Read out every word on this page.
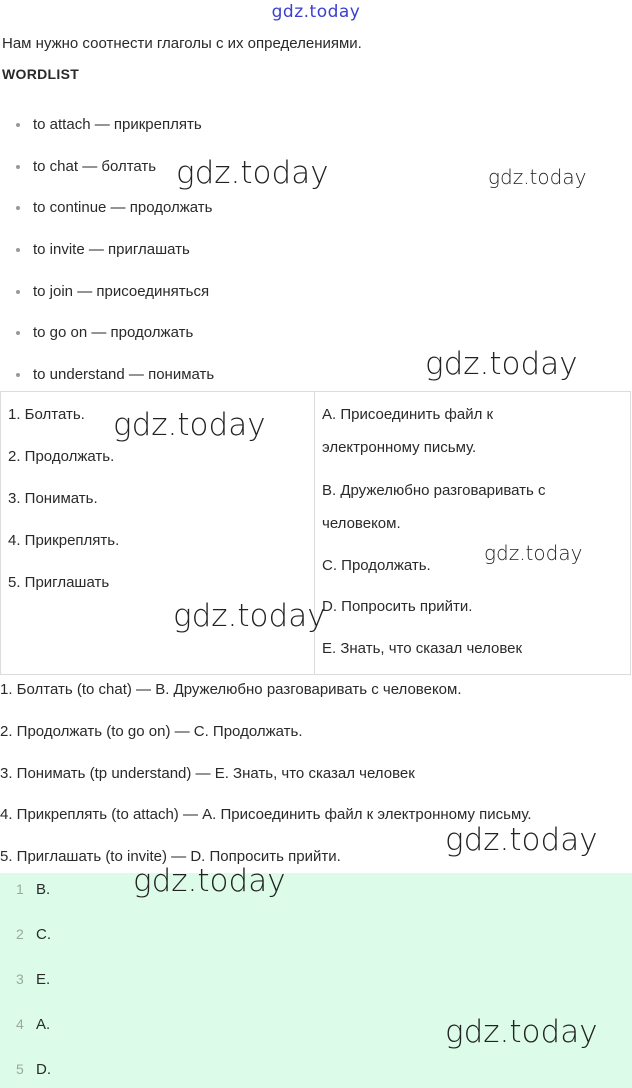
gdz.today
Нам нужно соотнести глаголы с их определениями.
WORDLIST
to attach — прикреплять
to chat — болтать
to continue — продолжать
to invite — приглашать
to join — присоединяться
to go on — продолжать
to understand — понимать
1. Болтать.
2. Продолжать.
3. Понимать.
4. Прикреплять.
5. Приглашать
A. Присоединить файл к
электронному письму.
B. Дружелюбно разговаривать с
человеком.
C. Продолжать.
D. Попросить прийти.
E. Знать, что сказал человек
1. Болтать (to chat) — B. Дружелюбно разговаривать с человеком.
2. Продолжать (to go on) — C. Продолжать.
3. Понимать (tp understand) — E. Знать, что сказал человек
4. Прикреплять (to attach) — A. Присоединить файл к электронному письму.
5. Приглашать (to invite) — D. Попросить прийти.
1 B.
2 C.
3 E.
4 A.
5 D.
gdz.today	gdz.today
gdz.today
gdz.today
gdz.today
gdz.today
gdz.today
gdz.today
gdz.today
